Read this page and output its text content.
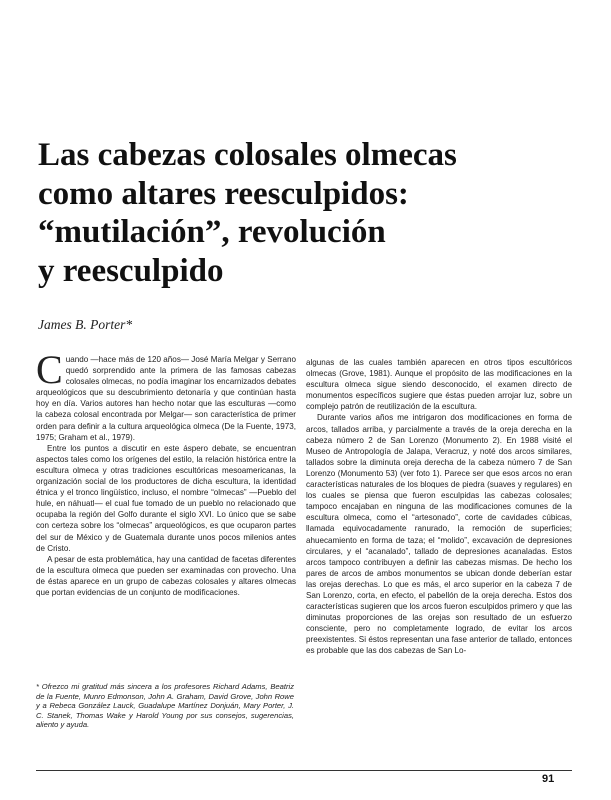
Las cabezas colosales olmecas
como altares reesculpidos:
“mutilación”, revolución
y reesculpido
James B. Porter*

Cuando —hace más de 120 años— José María Melgar y Serrano quedó sorprendido ante la primera de las famosas cabezas colosales olmecas, no podía imaginar los encarnizados debates arqueológicos que su descubrimiento detonaría y que continúan hasta hoy en día. Varios autores han hecho notar que las esculturas —como la cabeza colosal encontrada por Melgar— son característica de primer orden para definir a la cultura arqueológica olmeca (De la Fuente, 1973, 1975; Graham et al., 1979).

Entre los puntos a discutir en este áspero debate, se encuentran aspectos tales como los orígenes del estilo, la relación histórica entre la escultura olmeca y otras tradiciones escultóricas mesoamericanas, la organización social de los productores de dicha escultura, la identidad étnica y el tronco lingüístico, incluso, el nombre “olmecas” —Pueblo del hule, en náhuatl— el cual fue tomado de un pueblo no relacionado que ocupaba la región del Golfo durante el siglo XVI. Lo único que se sabe con certeza sobre los “olmecas” arqueológicos, es que ocuparon partes del sur de México y de Guatemala durante unos pocos milenios antes de Cristo.

A pesar de esta problemática, hay una cantidad de facetas diferentes de la escultura olmeca que pueden ser examinadas con provecho. Una de éstas aparece en un grupo de cabezas colosales y altares olmecas que portan evidencias de un conjunto de modificaciones.

* Ofrezco mi gratitud más sincera a los profesores Richard Adams, Beatriz de la Fuente, Munro Edmonson, John A. Graham, David Grove, John Rowe y a Rebeca González Lauck, Guadalupe Martínez Donjuán, Mary Porter, J. C. Stanek, Thomas Wake y Harold Young por sus consejos, sugerencias, aliento y ayuda.

algunas de las cuales también aparecen en otros tipos escultóricos olmecas (Grove, 1981). Aunque el propósito de las modificaciones en la escultura olmeca sigue siendo desconocido, el examen directo de monumentos específicos sugiere que éstas pueden arrojar luz, sobre un complejo patrón de reutilización de la escultura.

Durante varios años me intrigaron dos modificaciones en forma de arcos, tallados arriba, y parcialmente a través de la oreja derecha en la cabeza número 2 de San Lorenzo (Monumento 2). En 1988 visité el Museo de Antropología de Jalapa, Veracruz, y noté dos arcos similares, tallados sobre la diminuta oreja derecha de la cabeza número 7 de San Lorenzo (Monumento 53) (ver foto 1). Parece ser que esos arcos no eran características naturales de los bloques de piedra (suaves y regulares) en los cuales se piensa que fueron esculpidas las cabezas colosales; tampoco encajaban en ninguna de las modificaciones comunes de la escultura olmeca, como el “artesonado”, corte de cavidades cúbicas, llamada equivocadamente ranurado, la remoción de superficies; ahuecamiento en forma de taza; el “molido”, excavación de depresiones circulares, y el “acanalado”, tallado de depresiones acanaladas. Estos arcos tampoco contribuyen a definir las cabezas mismas. De hecho los pares de arcos de ambos monumentos se ubican donde deberían estar las orejas derechas. Lo que es más, el arco superior en la cabeza 7 de San Lorenzo, corta, en efecto, el pabellón de la oreja derecha. Estos dos características sugieren que los arcos fueron esculpidos primero y que las diminutas proporciones de las orejas son resultado de un esfuerzo consciente, pero no completamente logrado, de evitar los arcos preexistentes. Si éstos representan una fase anterior de tallado, entonces es probable que las dos cabezas de San Lo-

91
